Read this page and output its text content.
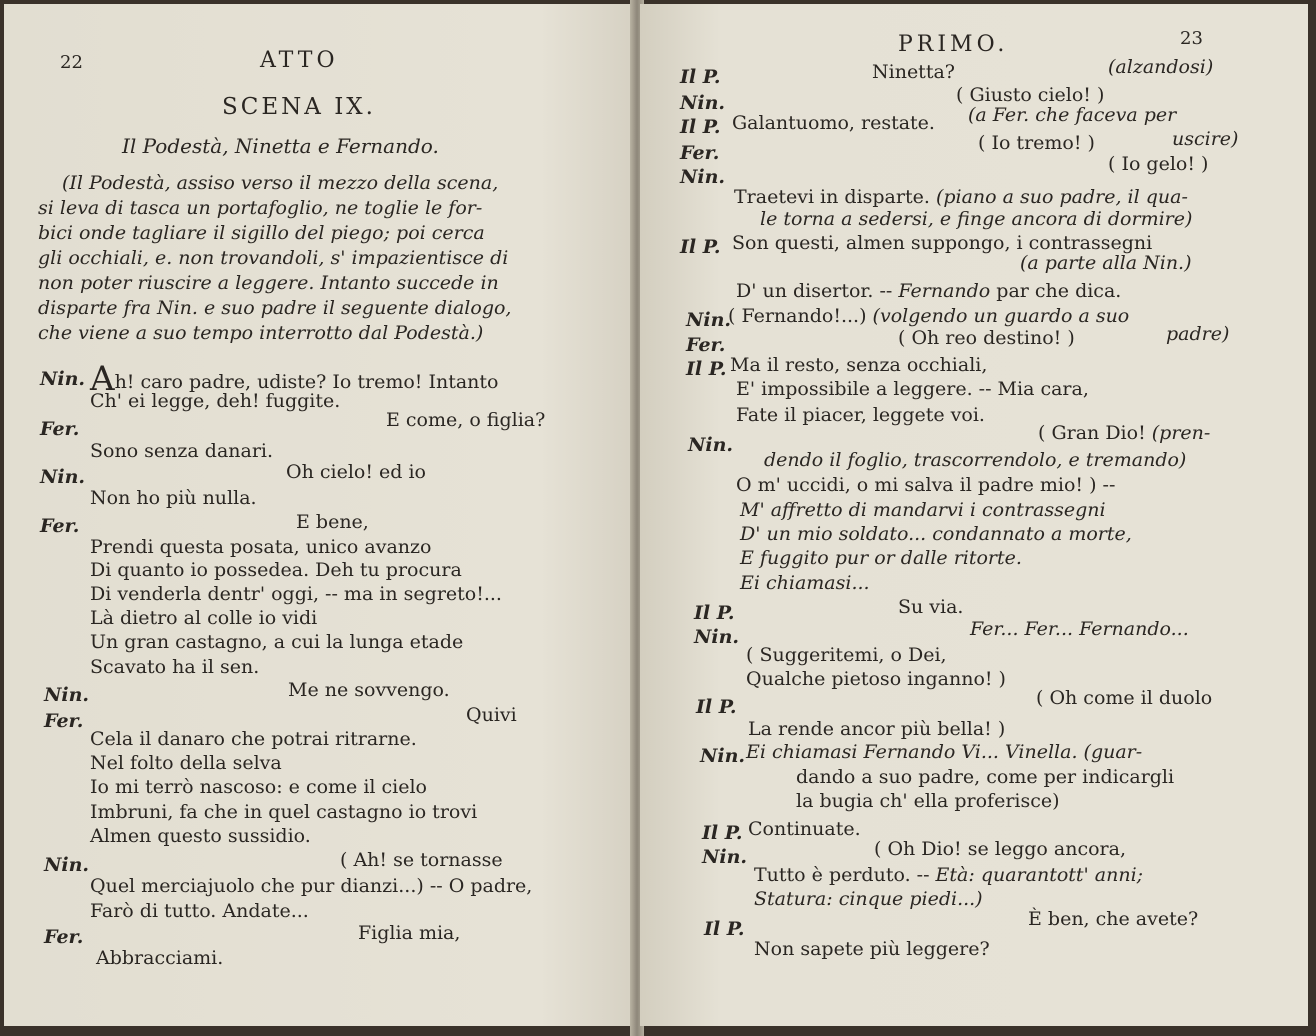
22	ATTO
SCENA IX.
Il Podestà, Ninetta e Fernando.
(Il Podestà, assiso verso il mezzo della scena,
si leva di tasca un portafoglio, ne toglie le for-
bici onde tagliare il sigillo del piego; poi cerca
gli occhiali, e. non trovandoli, s' impazientisce di
non poter riuscire a leggere. Intanto succede in
disparte fra Nin. e suo padre il seguente dialogo,
che viene a suo tempo interrotto dal Podestà.)
Nin. Ah! caro padre, udiste? Io tremo! Intanto
Ch' ei legge, deh! fuggite.
Fer.	E come, o figlia?
Sono senza danari.
Nin.	Oh cielo! ed io
Non ho più nulla.
Fer.	E bene,
Prendi questa posata, unico avanzo
Di quanto io possedea. Deh tu procura
Di venderla dentr' oggi, -- ma in segreto!...
Là dietro al colle io vidi
Un gran castagno, a cui la lunga etade
Scavato ha il sen.
Nin.	Me ne sovvengo.
Fer.	Quivi
Cela il danaro che potrai ritrarne.
Nel folto della selva
Io mi terrò nascoso: e come il cielo
Imbruni, fa che in quel castagno io trovi
Almen questo sussidio.
Nin.	( Ah! se tornasse
Quel merciajuolo che pur dianzi...) -- O padre,
Farò di tutto. Andate...
Fer.	Figlia mia,
Abbracciami.
PRIMO.	23
Il P.	Ninetta?	(alzandosi)
Nin.	( Giusto cielo! )
Il P. Galantuomo, restate. (a Fer. che faceva per
Fer.	( Io tremo! )	uscire)
Nin.
( Io gelo! )
Traetevi in disparte. (piano a suo padre, il qua-
le torna a sedersi, e finge ancora di dormire)
Il P. Son questi, almen suppongo, i contrassegni
(a parte alla Nin.)
D' un disertor. -- Fernando par che dica.
Nin.
( Fernando!...) (volgendo un guardo a suo
Fer.	( Oh reo destino! )	padre)
Il P. Ma il resto, senza occhiali,
E' impossibile a leggere. -- Mia cara,
Fate il piacer, leggete voi.
Nin.
( Gran Dio! (pren-
dendo il foglio, trascorrendolo, e tremando)
O m' uccidi, o mi salva il padre mio! ) --
M' affretto di mandarvi i contrassegni
D' un mio soldato... condannato a morte,
E fuggito pur or dalle ritorte.
Ei chiamasi...
Il P.	Su via.
Nin.	Fer... Fer... Fernando...
( Suggeritemi, o Dei,
Qualche pietoso inganno! )
Il P.	( Oh come il duolo
La rende ancor più bella! )
Nin. Ei chiamasi Fernando Vi... Vinella. (guar-
dando a suo padre, come per indicargli
la bugia ch' ella proferisce)
Il P. Continuate.
Nin.	( Oh Dio! se leggo ancora,
Tutto è perduto. -- Età: quarantott' anni;
Statura: cinque piedi...)
Il P.	È ben, che avete?
Non sapete più leggere?
